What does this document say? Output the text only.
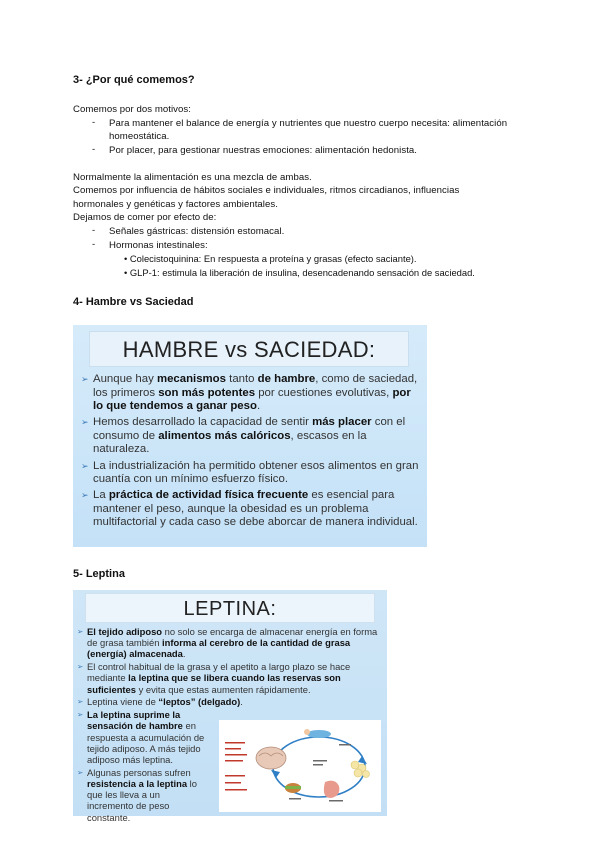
3- ¿Por qué comemos?
Comemos por dos motivos:
- Para mantener el balance de energía y nutrientes que nuestro cuerpo necesita: alimentación
homeostática.
- Por placer, para gestionar nuestras emociones: alimentación hedonista.
Normalmente la alimentación es una mezcla de ambas.
Comemos por influencia de hábitos sociales e individuales, ritmos circadianos, influencias
hormonales y genéticas y factores ambientales.
Dejamos de comer por efecto de:
- Señales gástricas: distensión estomacal.
- Hormonas intestinales:
• Colecistoquinina: En respuesta a proteína y grasas (efecto saciante).
• GLP-1: estimula la liberación de insulina, desencadenando sensación de saciedad.
4- Hambre vs Saciedad
HAMBRE vs SACIEDAD:
➢ Aunque hay mecanismos tanto de hambre, como de saciedad, los primeros son más potentes por cuestiones evolutivas, por lo que tendemos a ganar peso.
➢ Hemos desarrollado la capacidad de sentir más placer con el consumo de alimentos más calóricos, escasos en la naturaleza.
➢ La industrialización ha permitido obtener esos alimentos en gran cuantía con un mínimo esfuerzo físico.
➢ La práctica de actividad física frecuente es esencial para mantener el peso, aunque la obesidad es un problema multifactorial y cada caso se debe aborcar de manera individual.
5- Leptina
LEPTINA:
➢ El tejido adiposo no solo se encarga de almacenar energía en forma de grasa también informa al cerebro de la cantidad de grasa (energía) almacenada.
➢ El control habitual de la grasa y el apetito a largo plazo se hace mediante la leptina que se libera cuando las reservas son suficientes y evita que estas aumenten rápidamente.
➢ Leptina viene de “leptos” (delgado).
➢ La leptina suprime la sensación de hambre en respuesta a acumulación de tejido adiposo. A más tejido adiposo más leptina.
➢ Algunas personas sufren resistencia a la leptina lo que les lleva a un incremento de peso constante.
